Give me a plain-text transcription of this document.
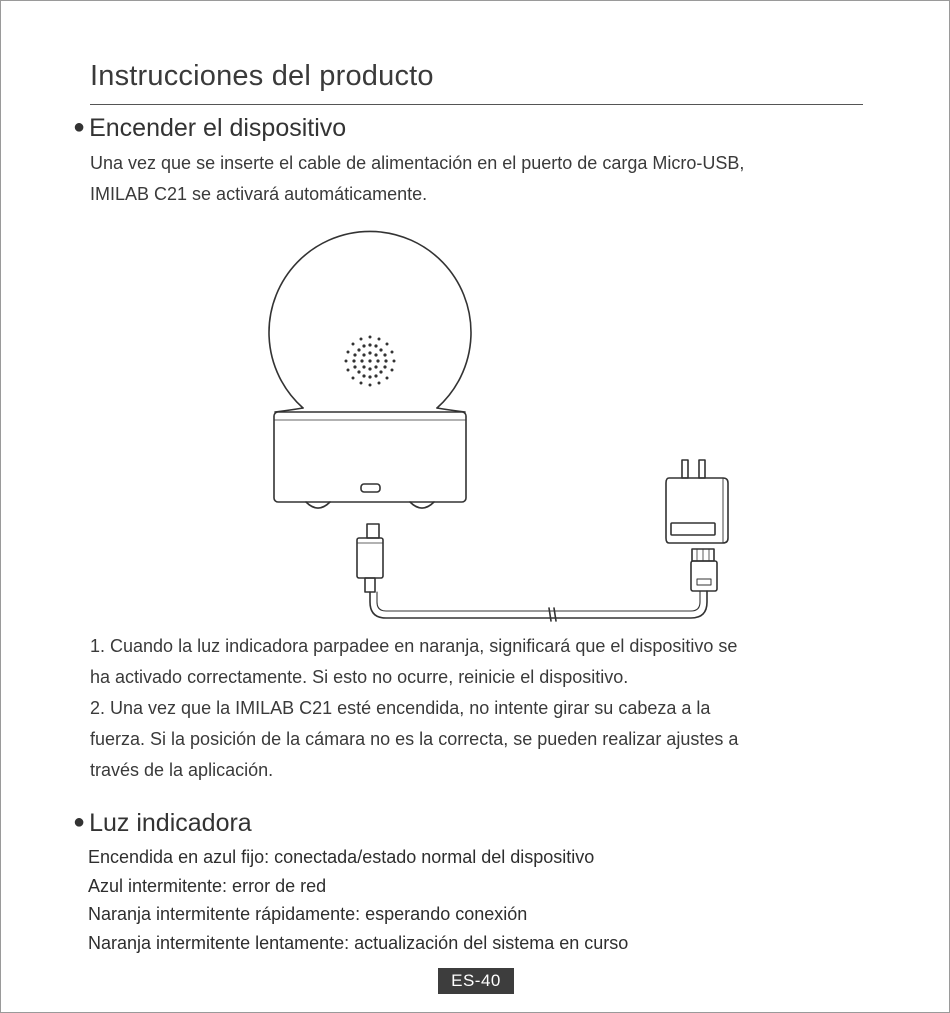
Instrucciones del producto
● Encender el dispositivo

Una vez que se inserte el cable de alimentación en el puerto de carga Micro-USB,
IMILAB C21 se activará automáticamente.

1. Cuando la luz indicadora parpadee en naranja, significará que el dispositivo se
ha activado correctamente. Si esto no ocurre, reinicie el dispositivo.
2. Una vez que la IMILAB C21 esté encendida, no intente girar su cabeza a la
fuerza. Si la posición de la cámara no es la correcta, se pueden realizar ajustes a
través de la aplicación.

● Luz indicadora
Encendida en azul fijo: conectada/estado normal del dispositivo
Azul intermitente: error de red
Naranja intermitente rápidamente: esperando conexión
Naranja intermitente lentamente: actualización del sistema en curso
ES-40
